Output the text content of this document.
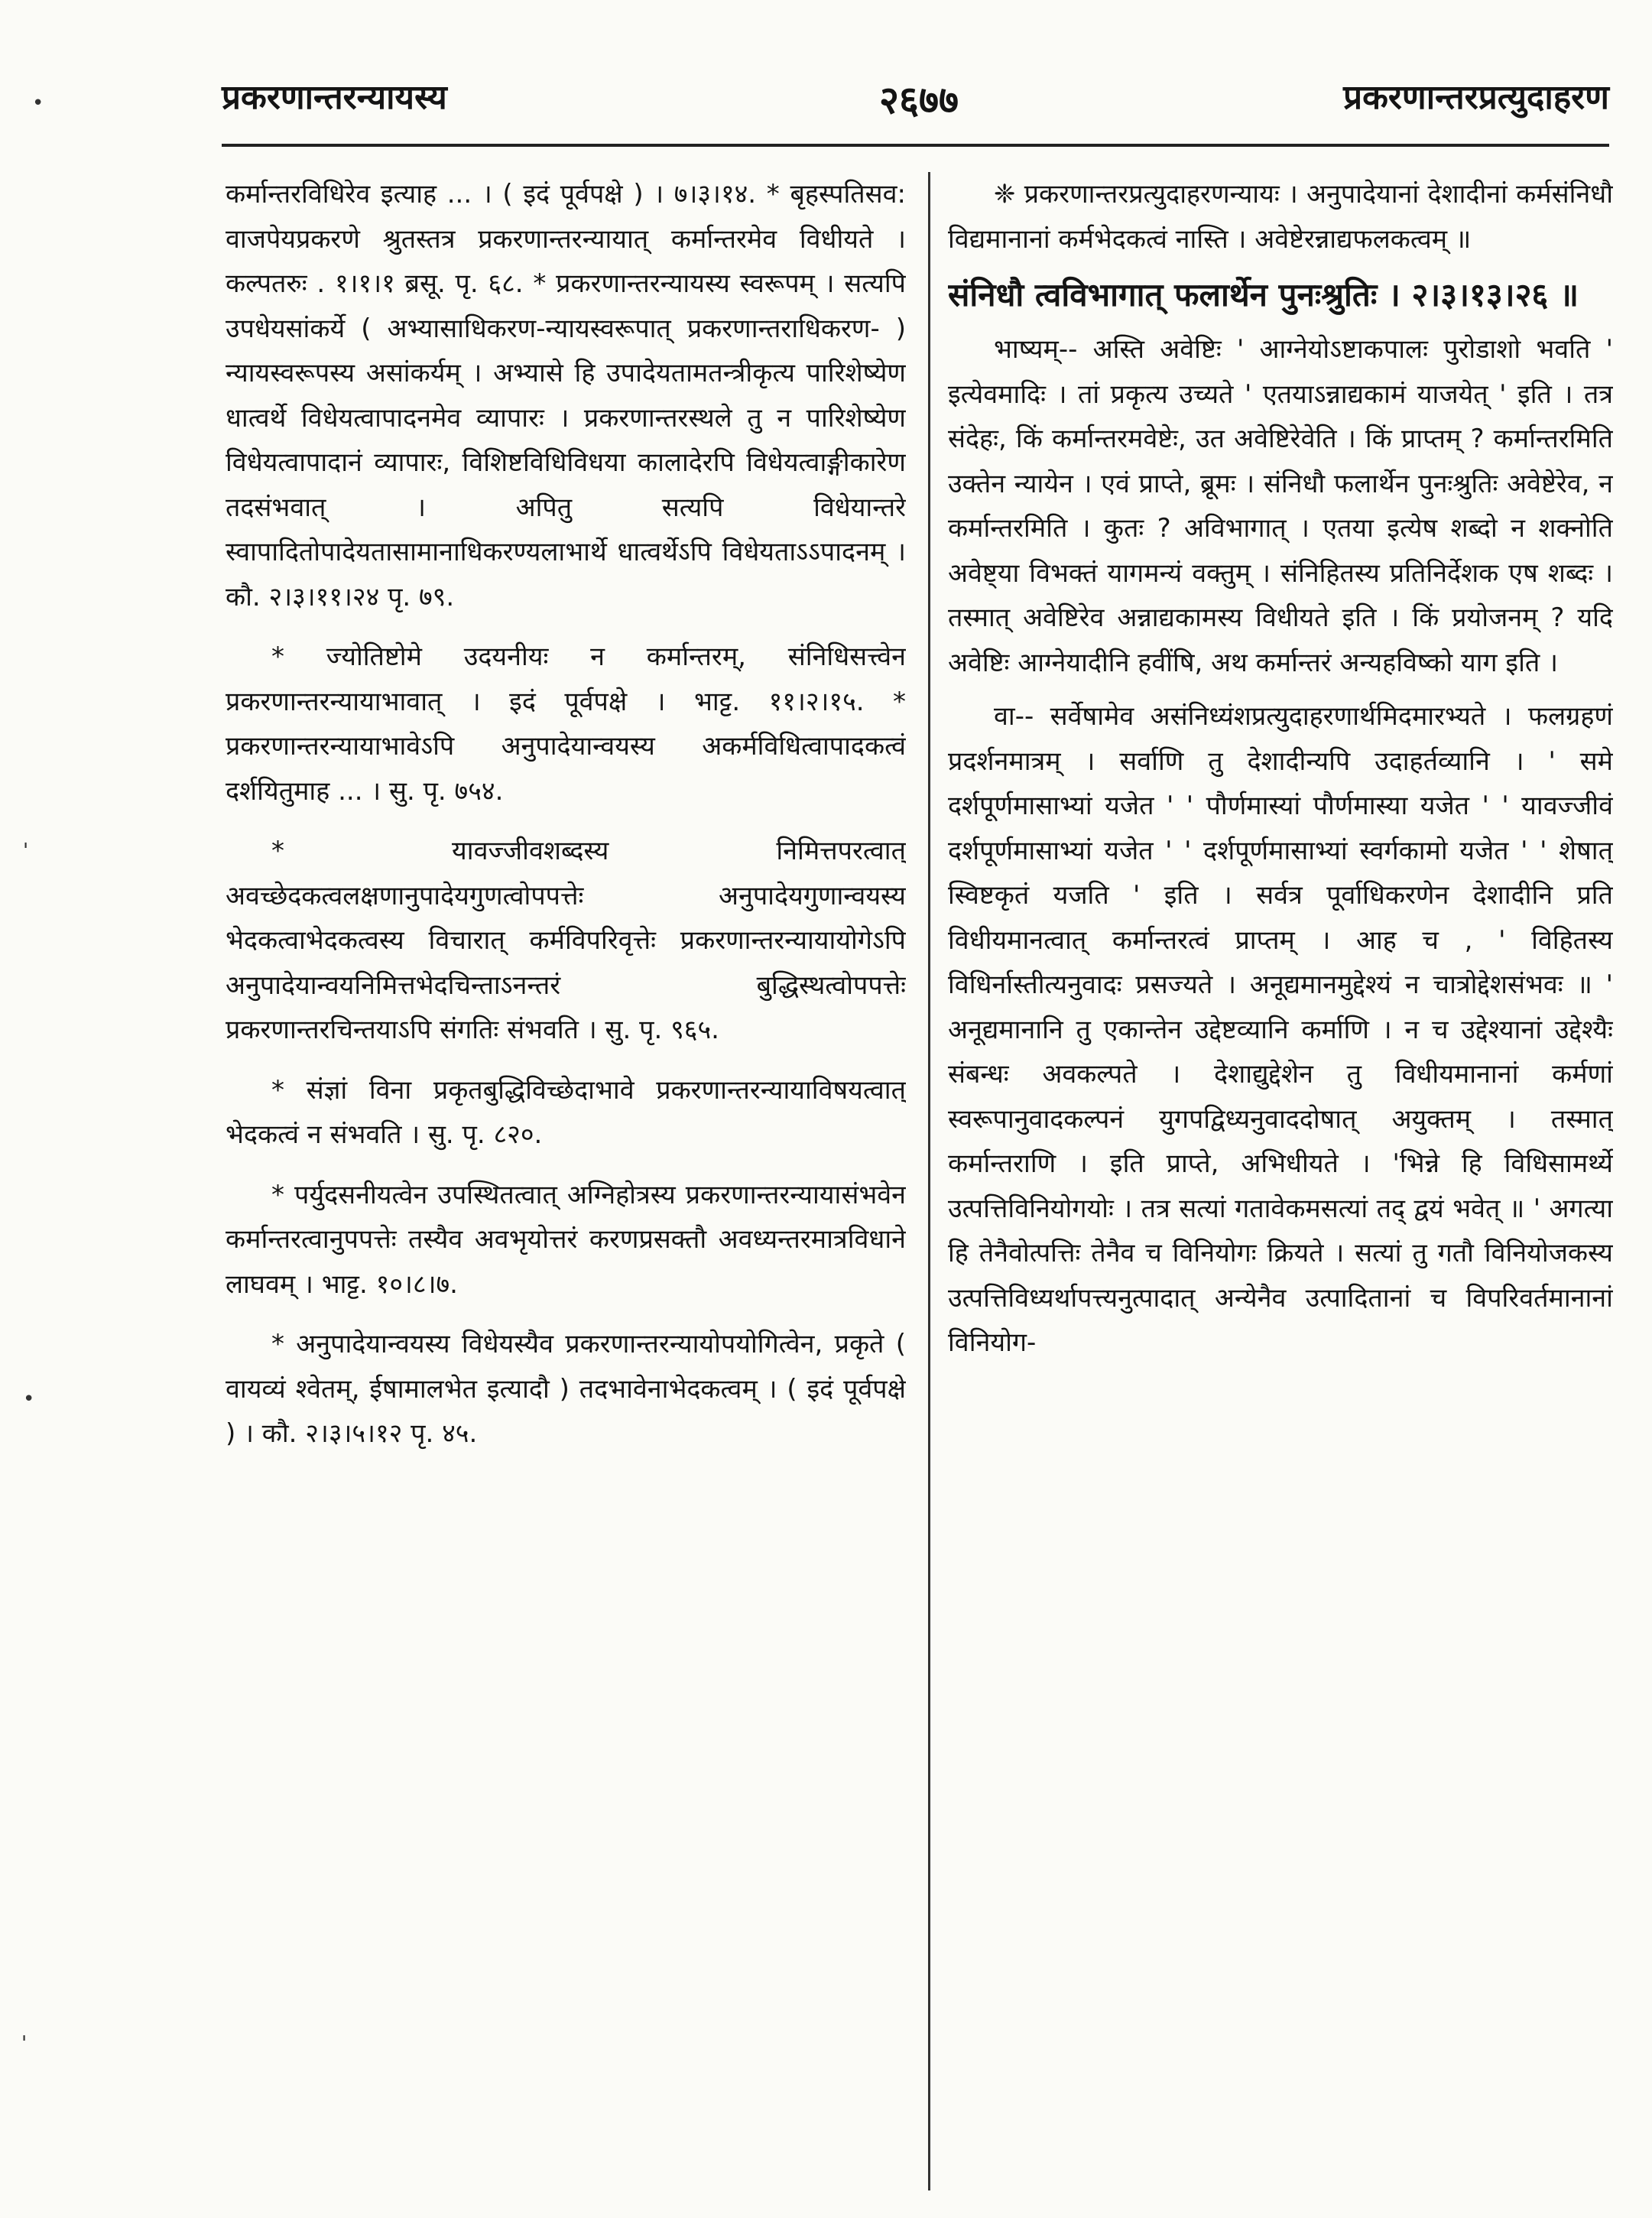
प्रकरणान्तरन्यायस्य	२६७७	प्रकरणान्तरप्रत्युदाहरण
•
'
•
'

कर्मान्तरविधिरेव इत्याह ... । ( इदं पूर्वपक्षे ) । ७।३।१४. * बृहस्पतिसव: वाजपेयप्रकरणे श्रुतस्तत्र प्रकरणान्तरन्यायात् कर्मान्तरमेव विधीयते । कल्पतरुः . १।१।१ ब्रसू. पृ. ६८. * प्रकरणान्तरन्यायस्य स्वरूपम् । सत्यपि उपधेयसांकर्ये ( अभ्यासाधिकरण-न्यायस्वरूपात् प्रकरणान्तराधिकरण- ) न्यायस्वरूपस्य असांकर्यम् । अभ्यासे हि उपादेयतामतन्त्रीकृत्य पारिशेष्येण धात्वर्थे विधेयत्वापादनमेव व्यापारः । प्रकरणान्तरस्थले तु न पारिशेष्येण विधेयत्वापादानं व्यापारः, विशिष्टविधिविधया कालादेरपि विधेयत्वाङ्गीकारेण तदसंभवात् । अपितु सत्यपि विधेयान्तरे स्वापादितोपादेयतासामानाधिकरण्यलाभार्थे धात्वर्थेऽपि विधेयताऽऽपादनम् । कौ. २।३।११।२४ पृ. ७९.

* ज्योतिष्टोमे उदयनीयः न कर्मान्तरम्, संनिधिसत्त्वेन प्रकरणान्तरन्यायाभावात् । इदं पूर्वपक्षे । भाट्ट. ११।२।१५. * प्रकरणान्तरन्यायाभावेऽपि अनुपादेयान्वयस्य अकर्मविधित्वापादकत्वं दर्शयितुमाह ... । सु. पृ. ७५४.

* यावज्जीवशब्दस्य निमित्तपरत्वात् अवच्छेदकत्वलक्षणानुपादेयगुणत्वोपपत्तेः अनुपादेयगुणान्वयस्य भेदकत्वाभेदकत्वस्य विचारात् कर्मविपरिवृत्तेः प्रकरणान्तरन्यायायोगेऽपि अनुपादेयान्वयनिमित्तभेदचिन्ताऽनन्तरं बुद्धिस्थत्वोपपत्तेः प्रकरणान्तरचिन्तयाऽपि संगतिः संभवति । सु. पृ. ९६५.

* संज्ञां विना प्रकृतबुद्धिविच्छेदाभावे प्रकरणान्तरन्यायाविषयत्वात् भेदकत्वं न संभवति । सु. पृ. ८२०.

* पर्युदसनीयत्वेन उपस्थितत्वात् अग्निहोत्रस्य प्रकरणान्तरन्यायासंभवेन कर्मान्तरत्वानुपपत्तेः तस्यैव अवभृयोत्तरं करणप्रसक्तौ अवध्यन्तरमात्रविधाने लाघवम् । भाट्ट. १०।८।७.

* अनुपादेयान्वयस्य विधेयस्यैव प्रकरणान्तरन्यायोपयोगित्वेन, प्रकृते ( वायव्यं श्वेतम्, ईषामालभेत इत्यादौ ) तदभावेनाभेदकत्वम् । ( इदं पूर्वपक्षे ) । कौ. २।३।५।१२ पृ. ४५.

❈ प्रकरणान्तरप्रत्युदाहरणन्यायः । अनुपादेयानां देशादीनां कर्मसंनिधौ विद्यमानानां कर्मभेदकत्वं नास्ति । अवेष्टेरन्नाद्यफलकत्वम् ॥

संनिधौ त्वविभागात् फलार्थेन पुनःश्रुतिः । २।३।१३।२६ ॥

भाष्यम्-- अस्ति अवेष्टिः ' आग्नेयोऽष्टाकपालः पुरोडाशो भवति ' इत्येवमादिः । तां प्रकृत्य उच्यते ' एतयाऽन्नाद्यकामं याजयेत् ' इति । तत्र संदेहः, किं कर्मान्तरमवेष्टेः, उत अवेष्टिरेवेति । किं प्राप्तम् ? कर्मान्तरमिति उक्तेन न्यायेन । एवं प्राप्ते, ब्रूमः । संनिधौ फलार्थेन पुनःश्रुतिः अवेष्टेरेव, न कर्मान्तरमिति । कुतः ? अविभागात् । एतया इत्येष शब्दो न शक्नोति अवेष्ट्या विभक्तं यागमन्यं वक्तुम् । संनिहितस्य प्रतिनिर्देशक एष शब्दः । तस्मात् अवेष्टिरेव अन्नाद्यकामस्य विधीयते इति । किं प्रयोजनम् ? यदि अवेष्टिः आग्नेयादीनि हवींषि, अथ कर्मान्तरं अन्यहविष्को याग इति ।

वा-- सर्वेषामेव असंनिध्यंशप्रत्युदाहरणार्थमिदमारभ्यते । फलग्रहणं प्रदर्शनमात्रम् । सर्वाणि तु देशादीन्यपि उदाहर्तव्यानि । ' समे दर्शपूर्णमासाभ्यां यजेत ' ' पौर्णमास्यां पौर्णमास्या यजेत ' ' यावज्जीवं दर्शपूर्णमासाभ्यां यजेत ' ' दर्शपूर्णमासाभ्यां स्वर्गकामो यजेत ' ' शेषात् स्विष्टकृतं यजति ' इति । सर्वत्र पूर्वाधिकरणेन देशादीनि प्रति विधीयमानत्वात् कर्मान्तरत्वं प्राप्तम् । आह च , ' विहितस्य विधिर्नास्तीत्यनुवादः प्रसज्यते । अनूद्यमानमुद्देश्यं न चात्रोद्देशसंभवः ॥ ' अनूद्यमानानि तु एकान्तेन उद्देष्टव्यानि कर्माणि । न च उद्देश्यानां उद्देश्यैः संबन्धः अवकल्पते । देशाद्युद्देशेन तु विधीयमानानां कर्मणां स्वरूपानुवादकल्पनं युगपद्विध्यनुवाददोषात् अयुक्तम् । तस्मात् कर्मान्तराणि । इति प्राप्ते, अभिधीयते । 'भिन्ने हि विधिसामर्थ्ये उत्पत्तिविनियोगयोः । तत्र सत्यां गतावेकमसत्यां तद् द्वयं भवेत् ॥ ' अगत्या हि तेनैवोत्पत्तिः तेनैव च विनियोगः क्रियते । सत्यां तु गतौ विनियोजकस्य उत्पत्तिविध्यर्थापत्त्यनुत्पादात् अन्येनैव उत्पादितानां च विपरिवर्तमानानां विनियोग-
